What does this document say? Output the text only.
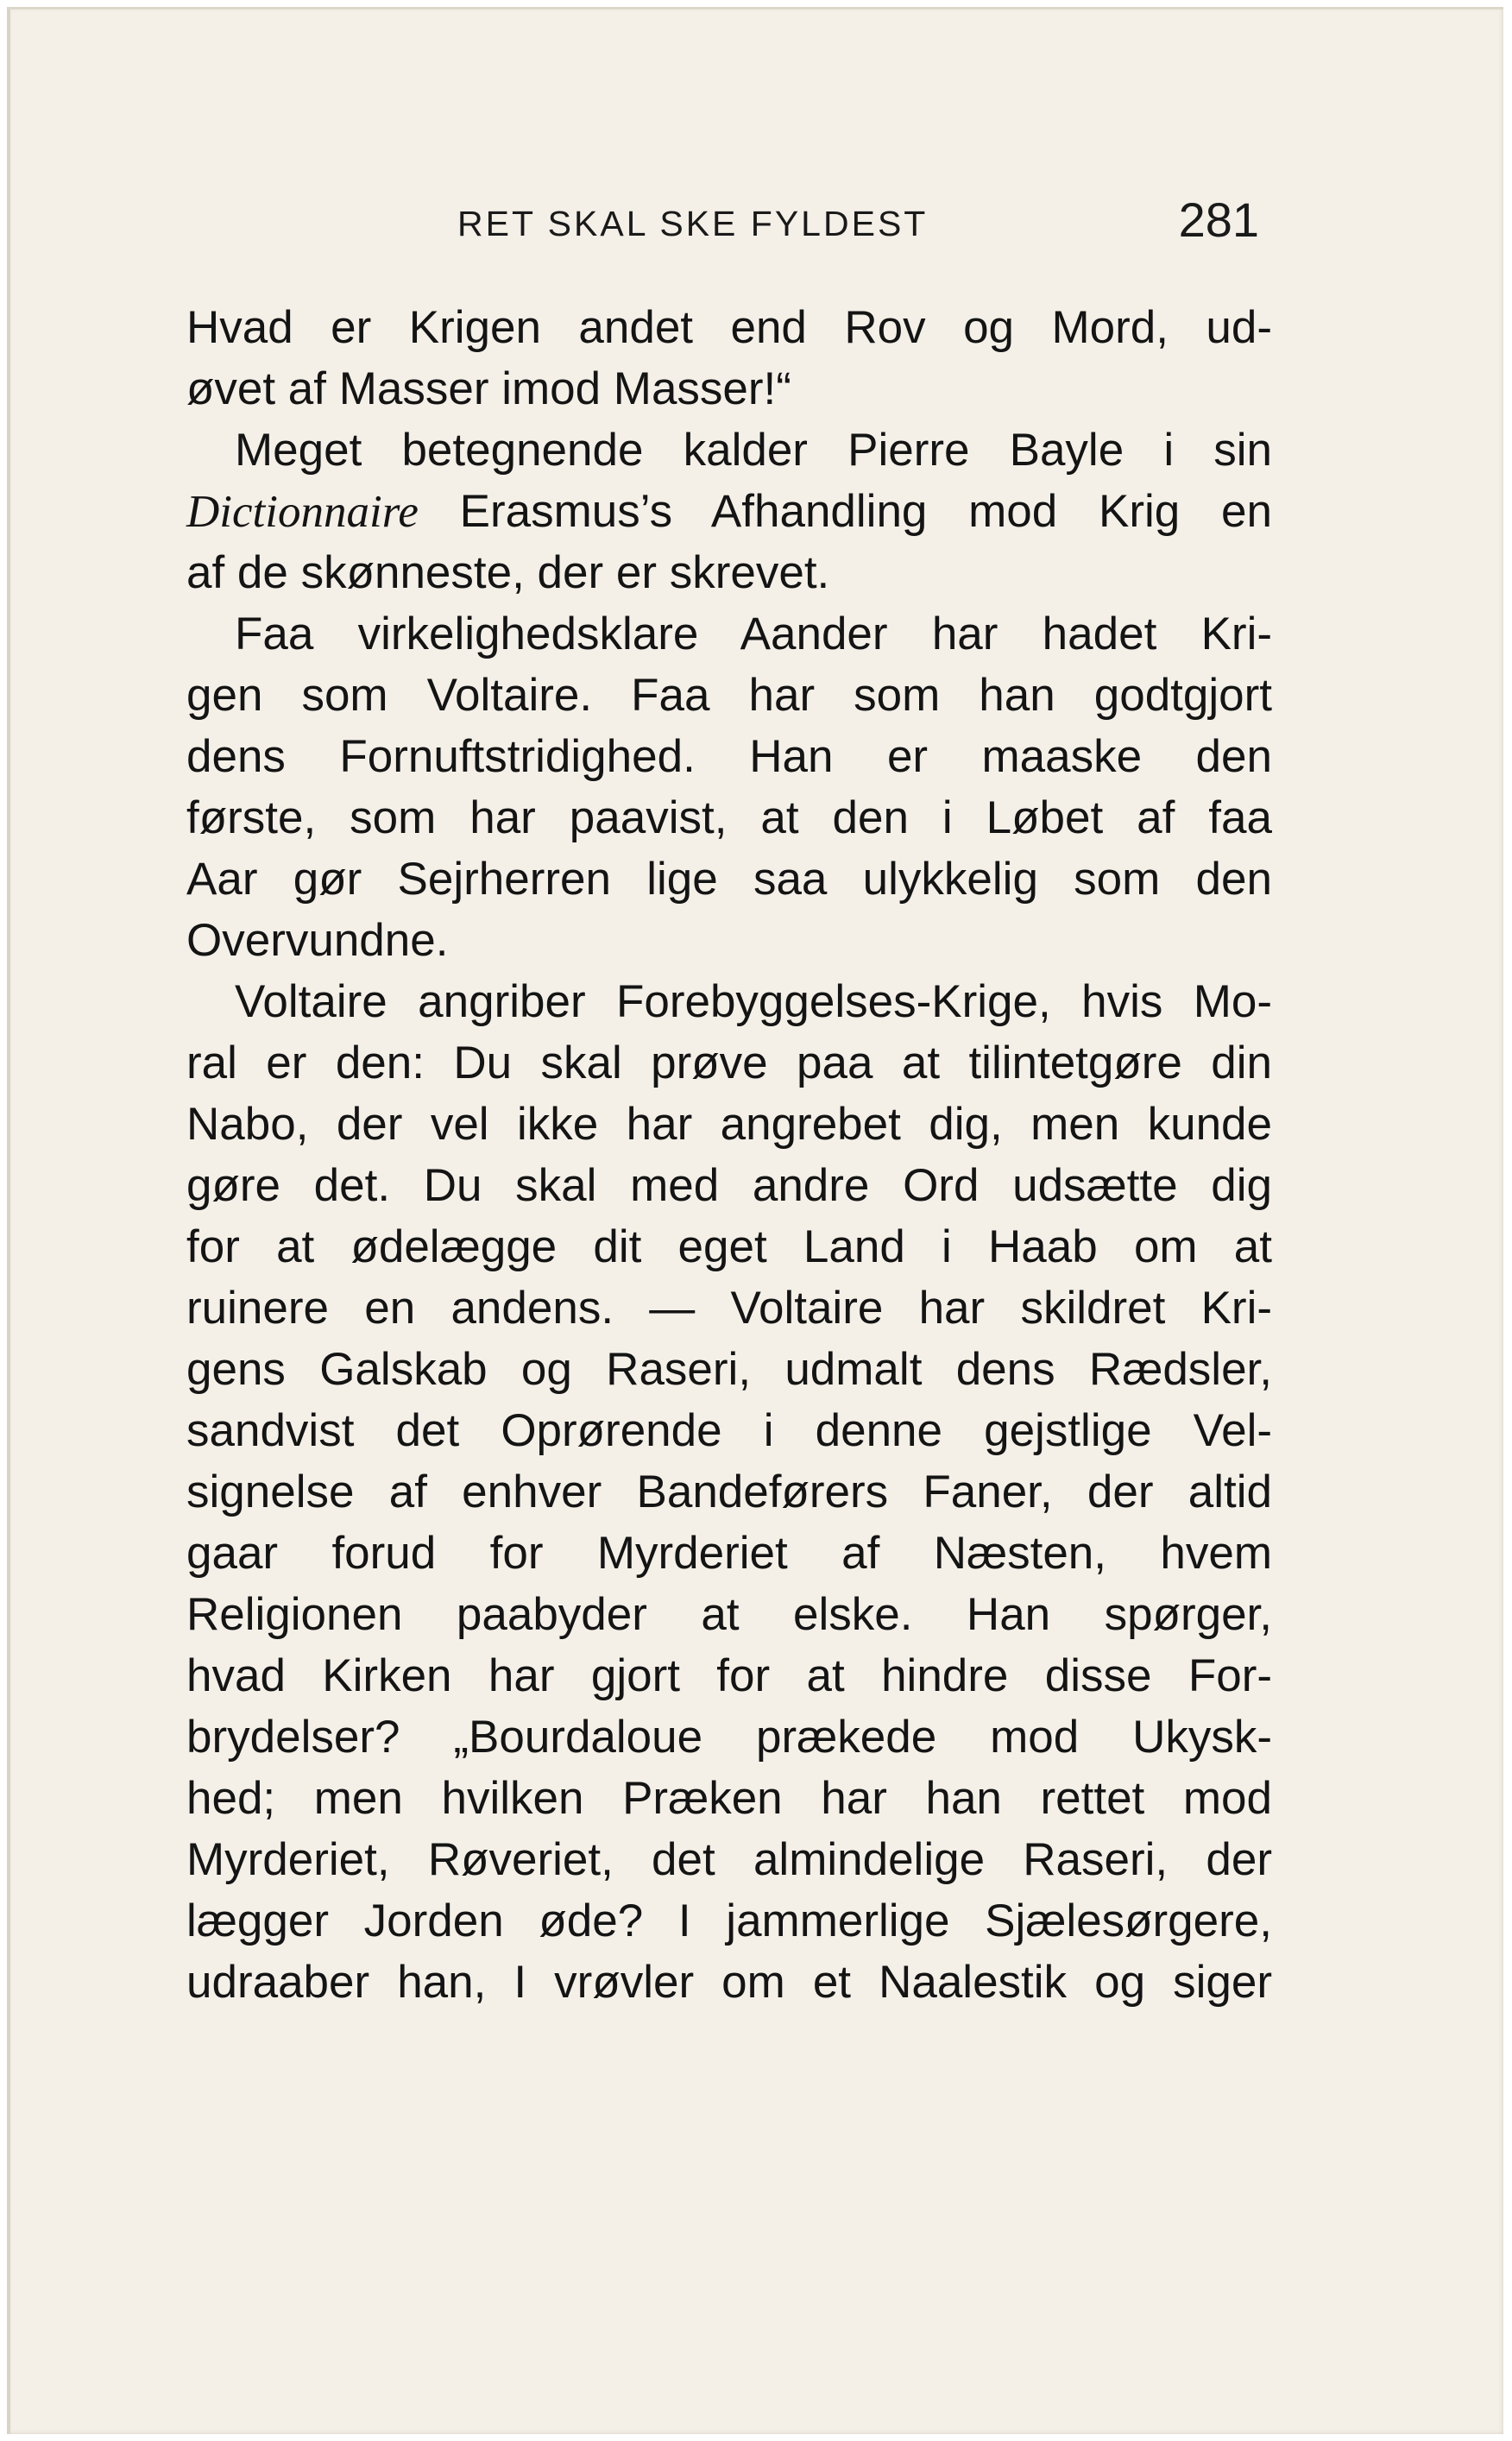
RET SKAL SKE FYLDEST	281
Hvad er Krigen andet end Rov og Mord, ud-
øvet af Masser imod Masser!“
Meget betegnende kalder Pierre Bayle i sin
Dictionnaire Erasmus’s Afhandling mod Krig en
af de skønneste, der er skrevet.
Faa virkelighedsklare Aander har hadet Kri-
gen som Voltaire. Faa har som han godtgjort
dens Fornuftstridighed. Han er maaske den
første, som har paavist, at den i Løbet af faa
Aar gør Sejrherren lige saa ulykkelig som den
Overvundne.
Voltaire angriber Forebyggelses-Krige, hvis Mo-
ral er den: Du skal prøve paa at tilintetgøre din
Nabo, der vel ikke har angrebet dig, men kunde
gøre det. Du skal med andre Ord udsætte dig
for at ødelægge dit eget Land i Haab om at
ruinere en andens. — Voltaire har skildret Kri-
gens Galskab og Raseri, udmalt dens Rædsler,
sandvist det Oprørende i denne gejstlige Vel-
signelse af enhver Bandeførers Faner, der altid
gaar forud for Myrderiet af Næsten, hvem
Religionen paabyder at elske. Han spørger,
hvad Kirken har gjort for at hindre disse For-
brydelser? „Bourdaloue prækede mod Ukysk-
hed; men hvilken Præken har han rettet mod
Myrderiet, Røveriet, det almindelige Raseri, der
lægger Jorden øde? I jammerlige Sjælesørgere,
udraaber han, I vrøvler om et Naalestik og siger
